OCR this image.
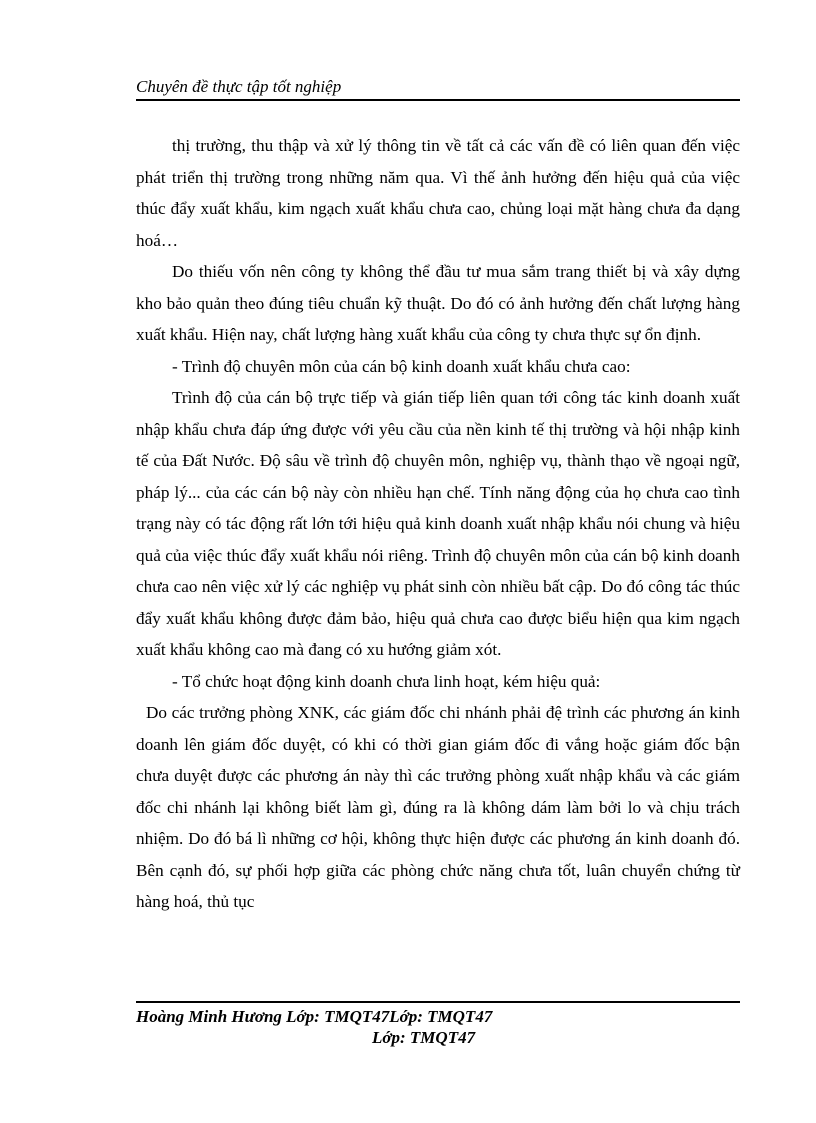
Chuyên đề thực tập tốt nghiệp

thị trường, thu thập và xử lý thông tin về tất cả các vấn đề có liên quan đến việc phát triển thị trường trong những năm qua. Vì thế ảnh hưởng đến hiệu quả của việc thúc đẩy xuất khẩu, kim ngạch xuất khẩu chưa cao, chủng loại mặt hàng chưa đa dạng hoá…

Do thiếu vốn nên công ty không thể đầu tư mua sắm trang thiết bị và xây dựng kho bảo quản theo đúng tiêu chuẩn kỹ thuật. Do đó có ảnh hưởng đến chất lượng hàng xuất khẩu. Hiện nay, chất lượng hàng xuất khẩu của công ty chưa thực sự ổn định.

- Trình độ chuyên môn của cán bộ kinh doanh xuất khẩu chưa cao:

Trình độ của cán bộ trực tiếp và gián tiếp liên quan tới công tác kinh doanh xuất nhập khẩu chưa đáp ứng được với yêu cầu của nền kinh tế thị trường và hội nhập kinh tế của Đất Nước. Độ sâu về trình độ chuyên môn, nghiệp vụ, thành thạo về ngoại ngữ, pháp lý... của các cán bộ này còn nhiều hạn chế. Tính năng động của họ chưa cao tình trạng này có tác động rất lớn tới hiệu quả kinh doanh xuất nhập khẩu nói chung và hiệu quả của việc thúc đẩy xuất khẩu nói riêng. Trình độ chuyên môn của cán bộ kinh doanh chưa cao nên việc xử lý các nghiệp vụ phát sinh còn nhiều bất cập. Do đó công tác thúc đẩy xuất khẩu không được đảm bảo, hiệu quả chưa cao được biểu hiện qua kim ngạch xuất khẩu không cao mà đang có xu hướng giảm xót.

- Tổ chức hoạt động kinh doanh chưa linh hoạt, kém hiệu quả:

Do các trưởng phòng XNK, các giám đốc chi nhánh phải đệ trình các phương án kinh doanh lên giám đốc duyệt, có khi có thời gian giám đốc đi vắng hoặc giám đốc bận chưa duyệt được các phương án này thì các trưởng phòng xuất nhập khẩu và các giám đốc chi nhánh lại không biết làm gì, đúng ra là không dám làm bởi lo và chịu trách nhiệm. Do đó bá lì những cơ hội, không thực hiện được các phương án kinh doanh đó. Bên cạnh đó, sự phối hợp giữa các phòng chức năng chưa tốt, luân chuyển chứng từ hàng hoá, thủ tục

Hoàng Minh Hương Lớp: TMQT47Lớp: TMQT47
Lớp: TMQT47
